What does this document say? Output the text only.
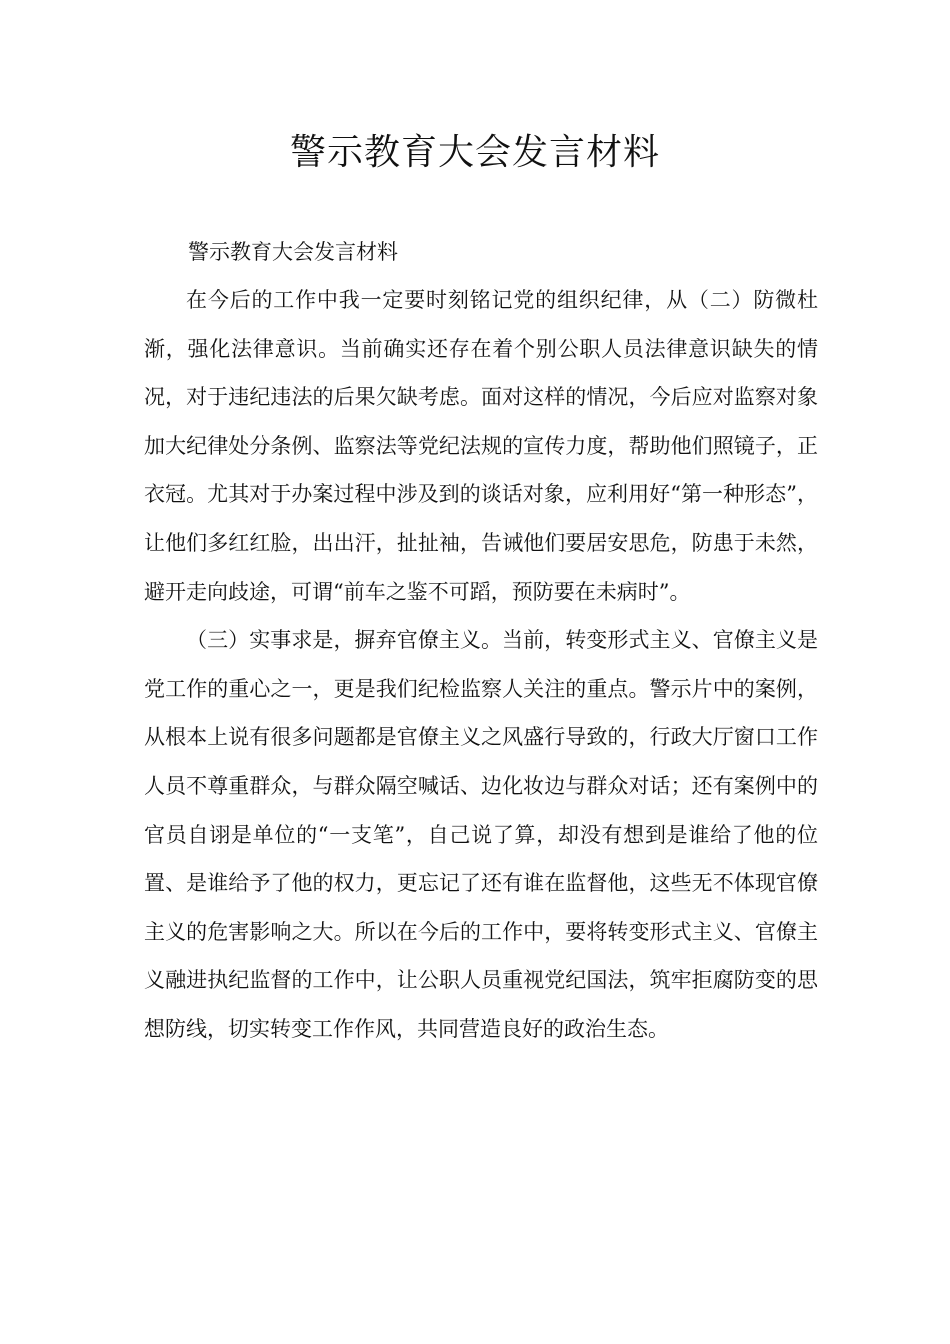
警示教育大会发言材料
警示教育大会发言材料

在今后的工作中我一定要时刻铭记党的组织纪律，从（二）防微杜渐，强化法律意识。当前确实还存在着个别公职人员法律意识缺失的情况，对于违纪违法的后果欠缺考虑。面对这样的情况，今后应对监察对象加大纪律处分条例、监察法等党纪法规的宣传力度，帮助他们照镜子，正衣冠。尤其对于办案过程中涉及到的谈话对象，应利用好“第一种形态”，让他们多红红脸，出出汗，扯扯袖，告诫他们要居安思危，防患于未然，避开走向歧途，可谓“前车之鉴不可蹈，预防要在未病时”。

（三）实事求是，摒弃官僚主义。当前，转变形式主义、官僚主义是党工作的重心之一，更是我们纪检监察人关注的重点。警示片中的案例，从根本上说有很多问题都是官僚主义之风盛行导致的，行政大厅窗口工作人员不尊重群众，与群众隔空喊话、边化妆边与群众对话；还有案例中的官员自诩是单位的“一支笔”，自己说了算，却没有想到是谁给了他的位置、是谁给予了他的权力，更忘记了还有谁在监督他，这些无不体现官僚主义的危害影响之大。所以在今后的工作中，要将转变形式主义、官僚主义融进执纪监督的工作中，让公职人员重视党纪国法，筑牢拒腐防变的思想防线，切实转变工作作风，共同营造良好的政治生态。
